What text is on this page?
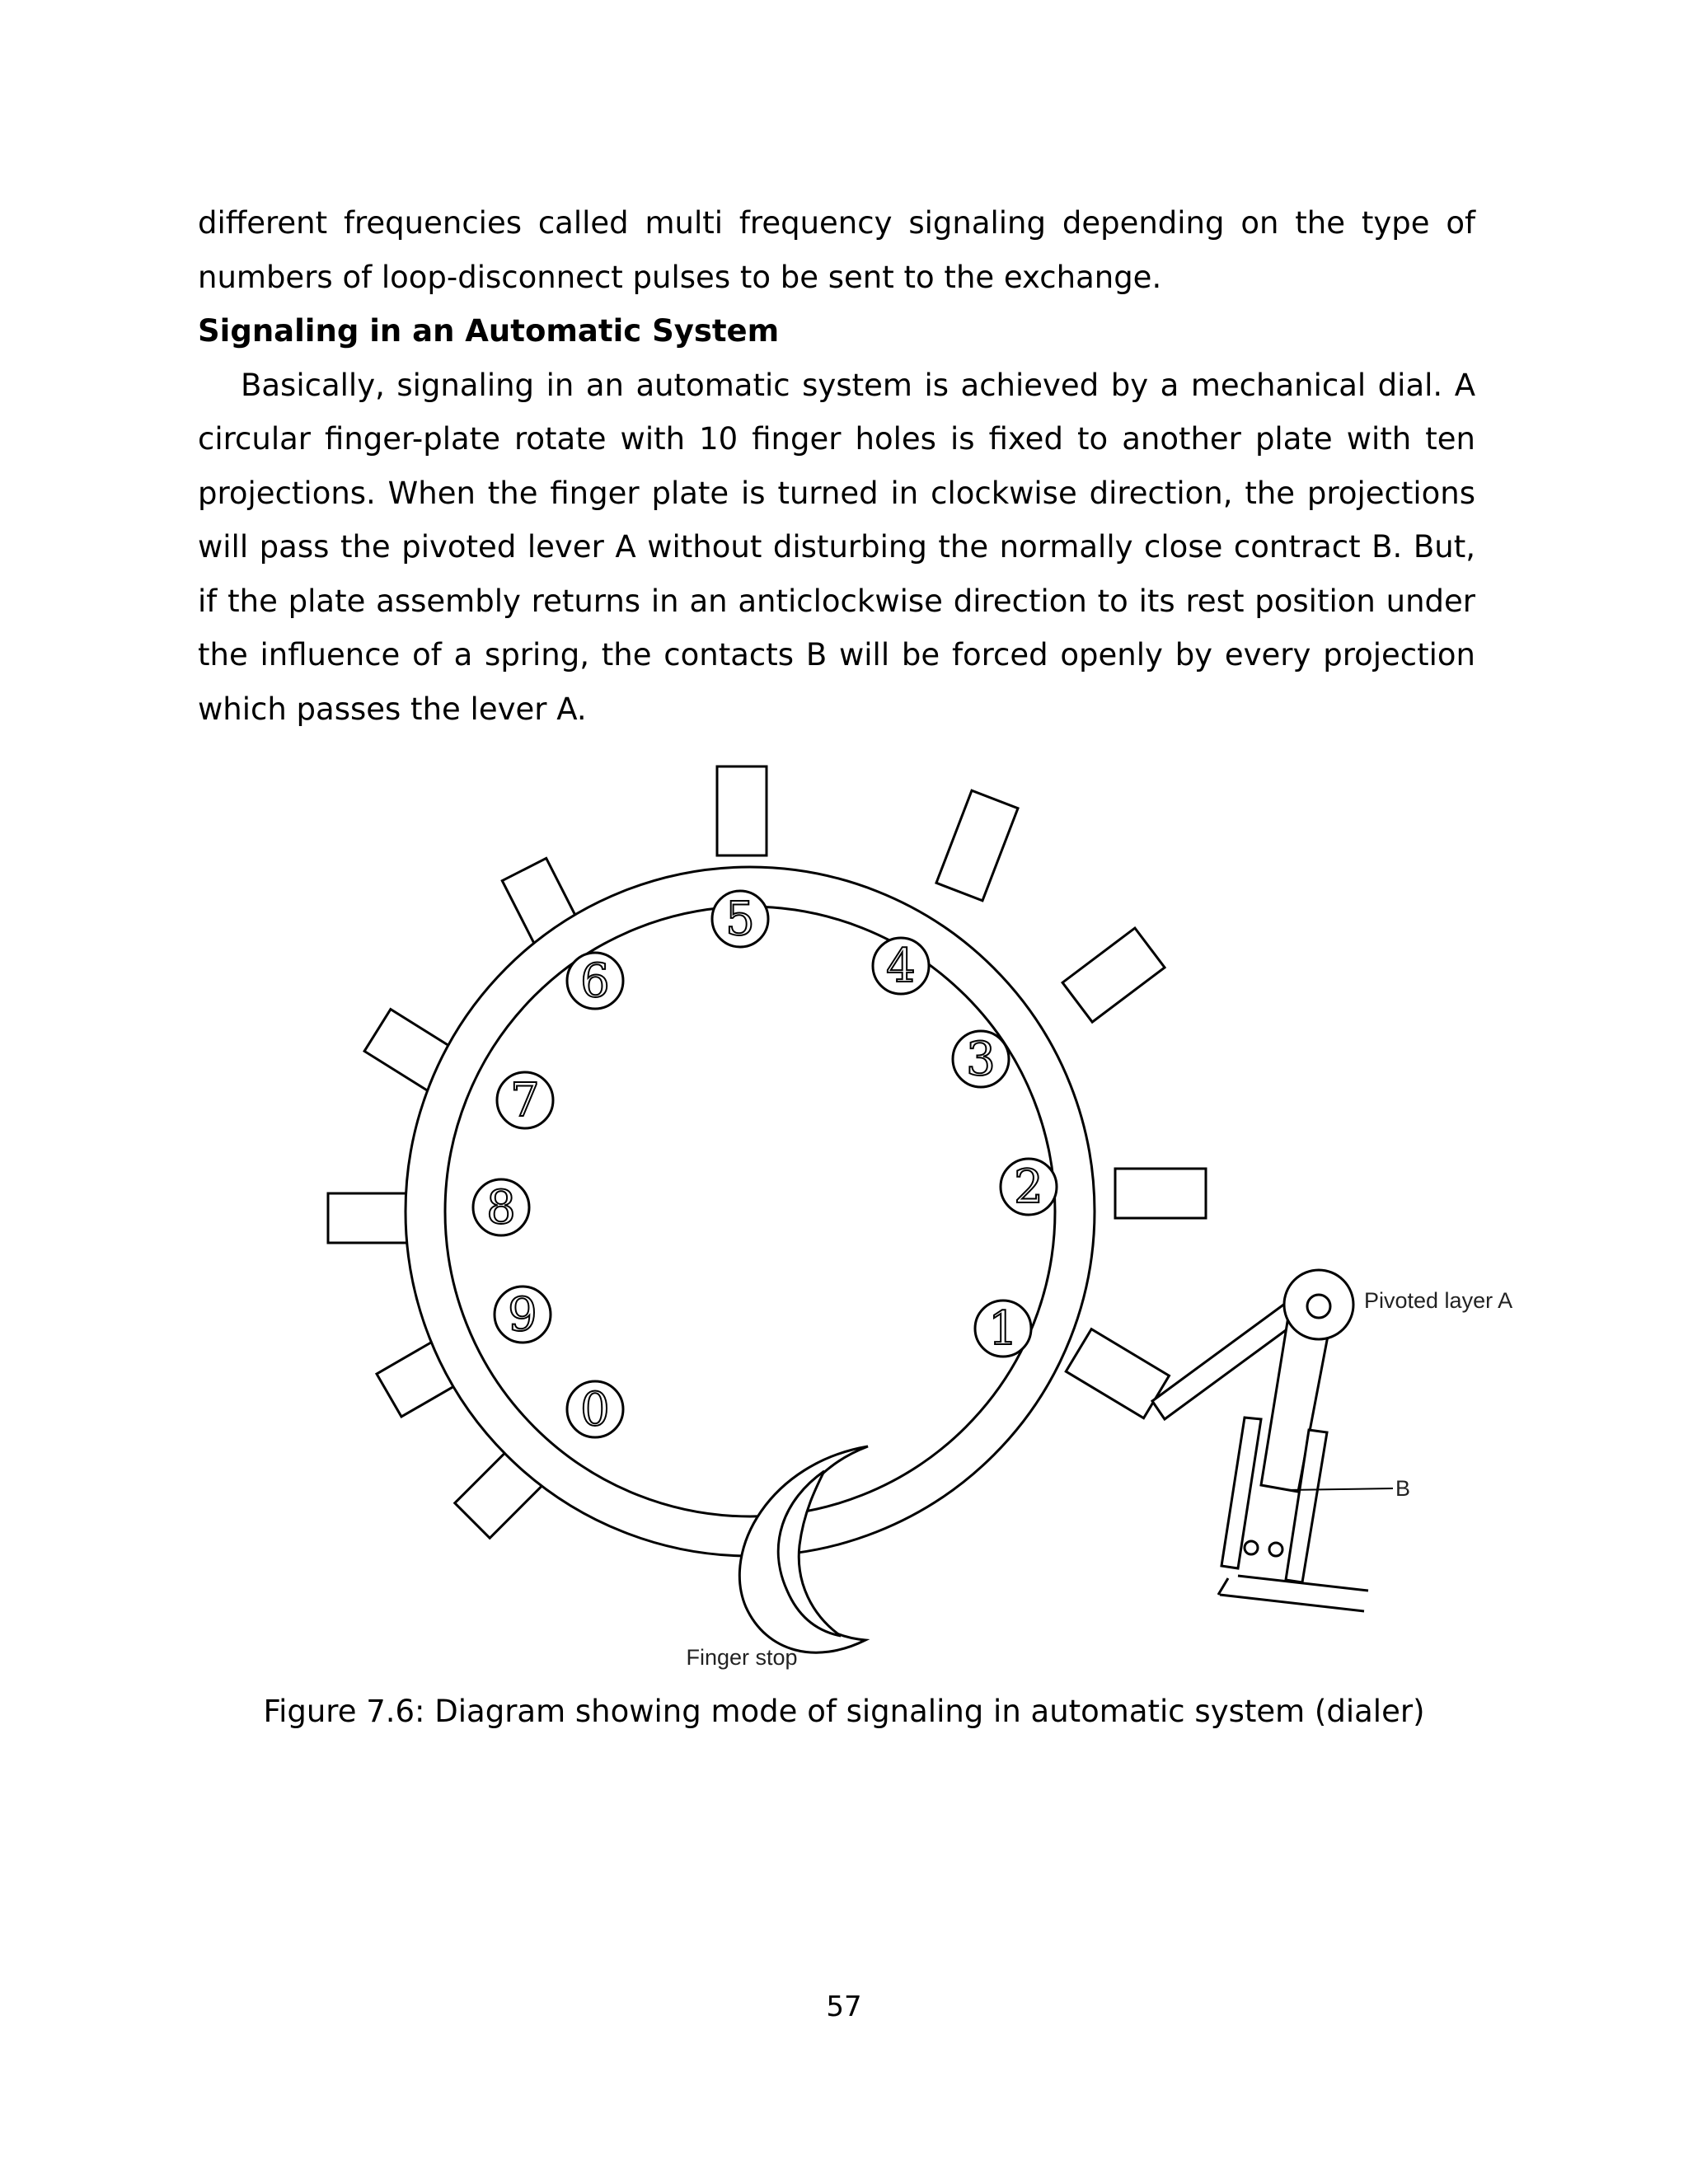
different frequencies called multi frequency signaling depending on the type of numbers of loop-disconnect pulses to be sent to the exchange.

Signaling in an Automatic System

Basically, signaling in an automatic system is achieved by a mechanical dial. A circular finger-plate rotate with 10 finger holes is fixed to another plate with ten projections. When the finger plate is turned in clockwise direction, the projections will pass the pivoted lever A without disturbing the normally close contract B. But, if the plate assembly returns in an anticlockwise direction to its rest position under the influence of a spring, the contacts B will be forced openly by every projection which passes the lever A.

1
2
3
4
5
6
7
8
9
0
Finger stop
Pivoted layer A
B
Figure 7.6: Diagram showing mode of signaling in automatic system (dialer)
57
